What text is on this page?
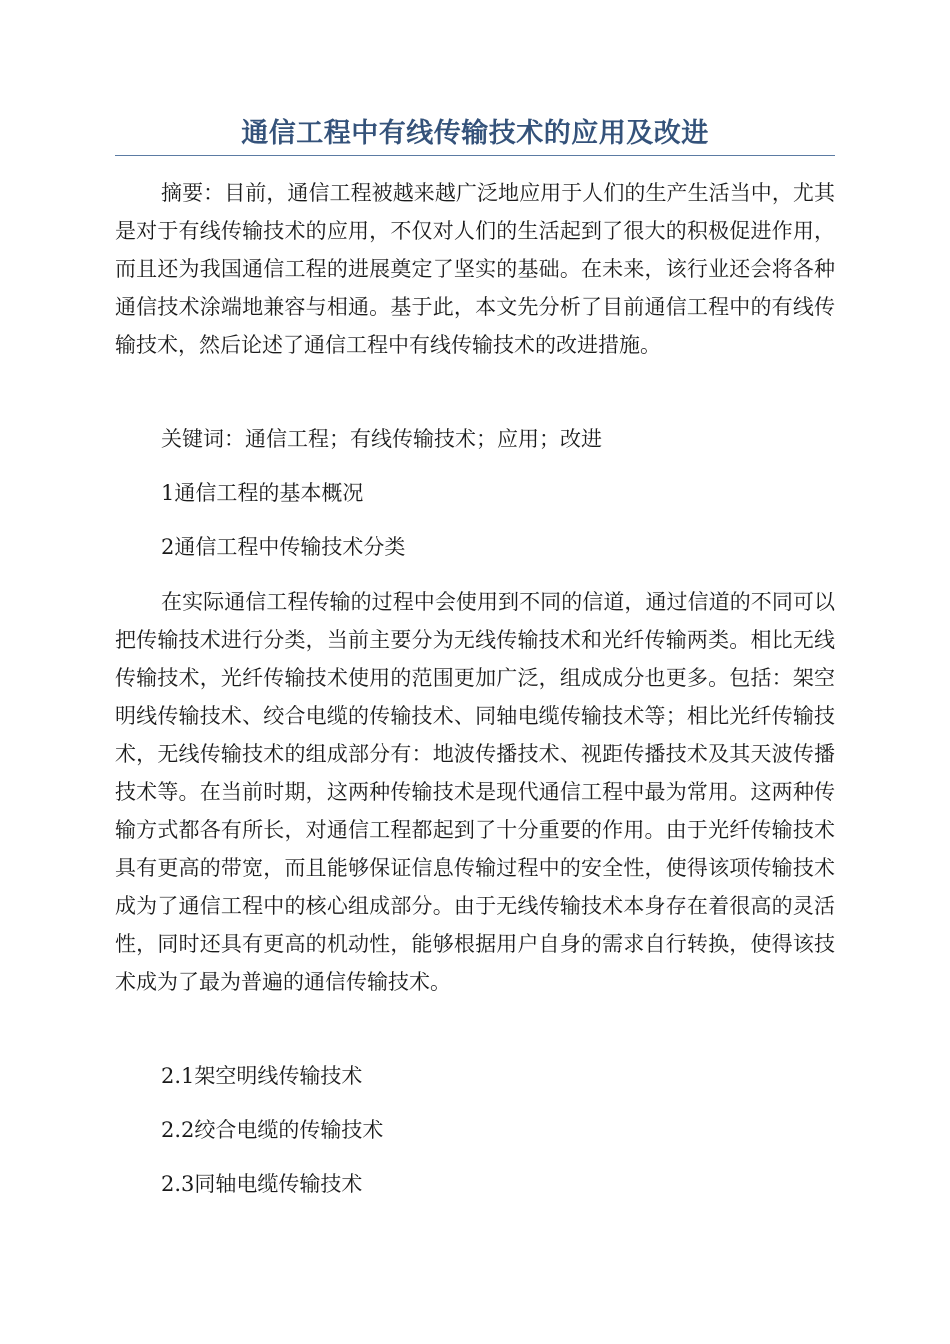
通信工程中有线传输技术的应用及改进

摘要：目前，通信工程被越来越广泛地应用于人们的生产生活当中，尤其是对于有线传输技术的应用，不仅对人们的生活起到了很大的积极促进作用，而且还为我国通信工程的进展奠定了坚实的基础。在未来，该行业还会将各种通信技术涂端地兼容与相通。基于此，本文先分析了目前通信工程中的有线传输技术，然后论述了通信工程中有线传输技术的改进措施。

关键词：通信工程；有线传输技术；应用；改进

1通信工程的基本概况

2通信工程中传输技术分类

在实际通信工程传输的过程中会使用到不同的信道，通过信道的不同可以把传输技术进行分类，当前主要分为无线传输技术和光纤传输两类。相比无线传输技术，光纤传输技术使用的范围更加广泛，组成成分也更多。包括：架空明线传输技术、绞合电缆的传输技术、同轴电缆传输技术等；相比光纤传输技术，无线传输技术的组成部分有：地波传播技术、视距传播技术及其天波传播技术等。在当前时期，这两种传输技术是现代通信工程中最为常用。这两种传输方式都各有所长，对通信工程都起到了十分重要的作用。由于光纤传输技术具有更高的带宽，而且能够保证信息传输过程中的安全性，使得该项传输技术成为了通信工程中的核心组成部分。由于无线传输技术本身存在着很高的灵活性，同时还具有更高的机动性，能够根据用户自身的需求自行转换，使得该技术成为了最为普遍的通信传输技术。

2.1架空明线传输技术

2.2绞合电缆的传输技术

2.3同轴电缆传输技术
